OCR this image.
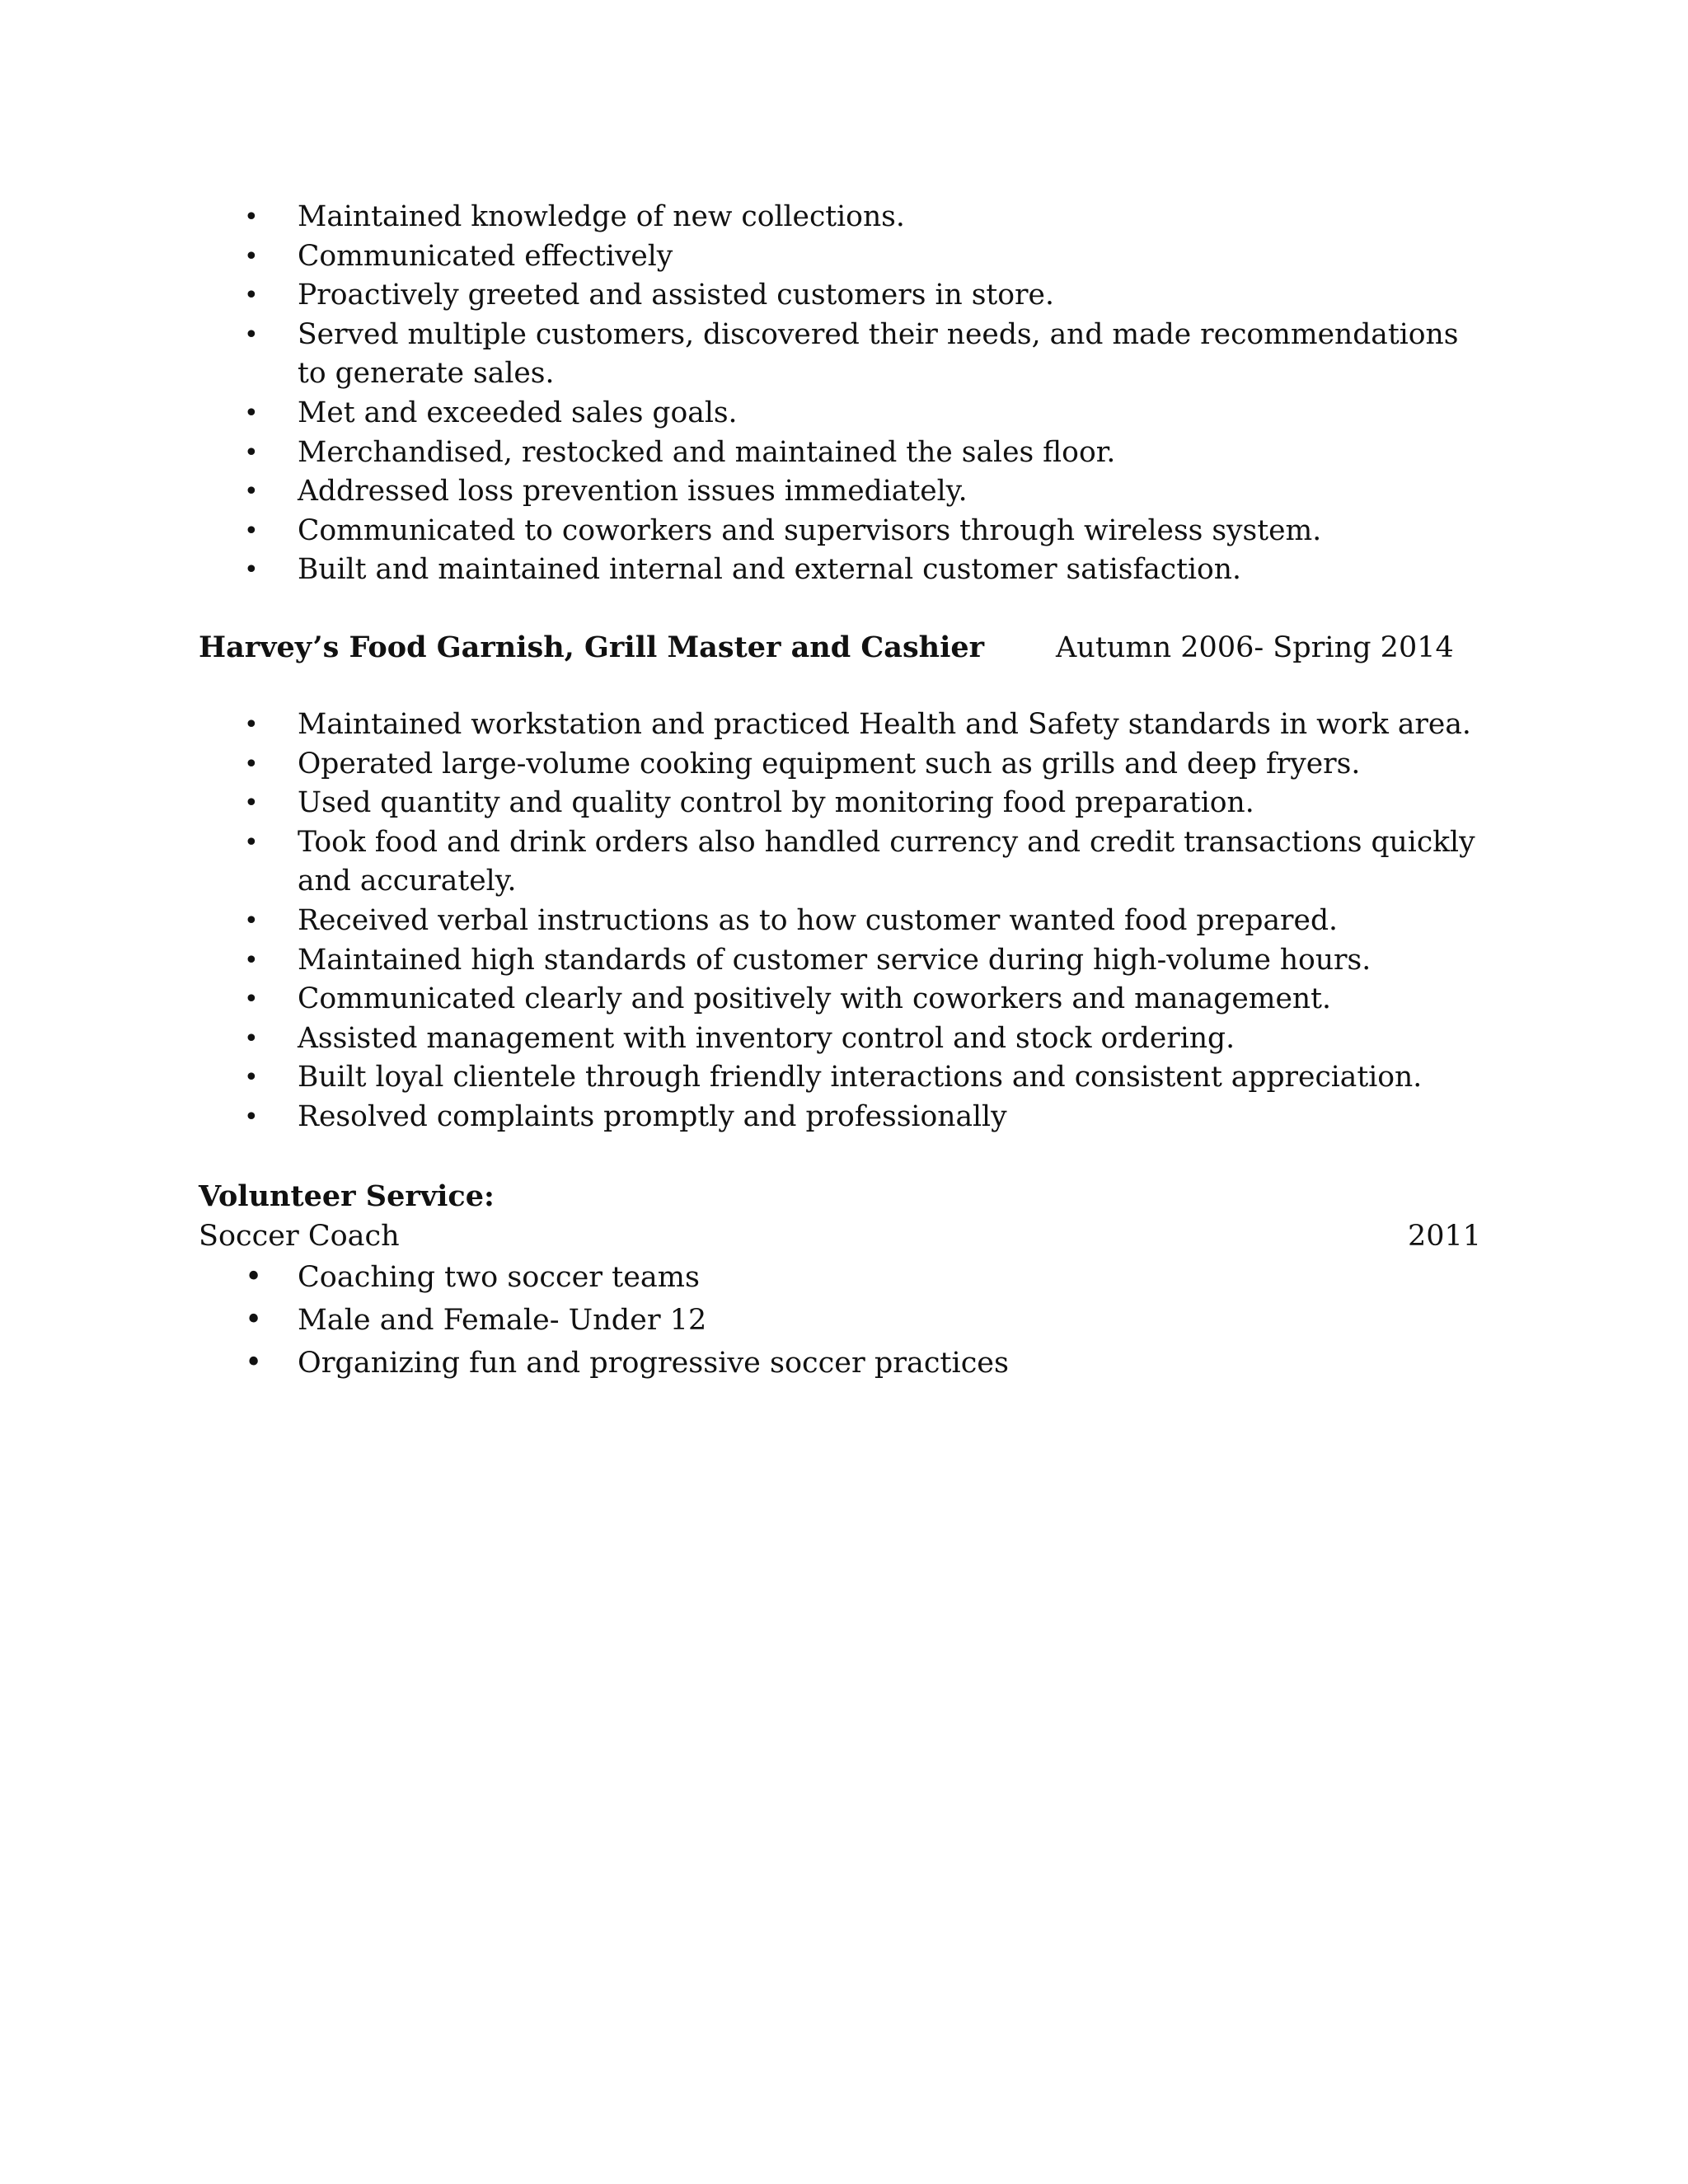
• Maintained knowledge of new collections.
• Communicated effectively
• Proactively greeted and assisted customers in store.
• Served multiple customers, discovered their needs, and made recommendations to generate sales.
• Met and exceeded sales goals.
• Merchandised, restocked and maintained the sales floor.
• Addressed loss prevention issues immediately.
• Communicated to coworkers and supervisors through wireless system.
• Built and maintained internal and external customer satisfaction.
Harvey’s Food Garnish, Grill Master and Cashier Autumn 2006- Spring 2014
• Maintained workstation and practiced Health and Safety standards in work area.
• Operated large-volume cooking equipment such as grills and deep fryers.
• Used quantity and quality control by monitoring food preparation.
• Took food and drink orders also handled currency and credit transactions quickly and accurately.
• Received verbal instructions as to how customer wanted food prepared.
• Maintained high standards of customer service during high-volume hours.
• Communicated clearly and positively with coworkers and management.
• Assisted management with inventory control and stock ordering.
• Built loyal clientele through friendly interactions and consistent appreciation.
• Resolved complaints promptly and professionally
Volunteer Service:
Soccer Coach	2011
• Coaching two soccer teams
• Male and Female- Under 12
• Organizing fun and progressive soccer practices
